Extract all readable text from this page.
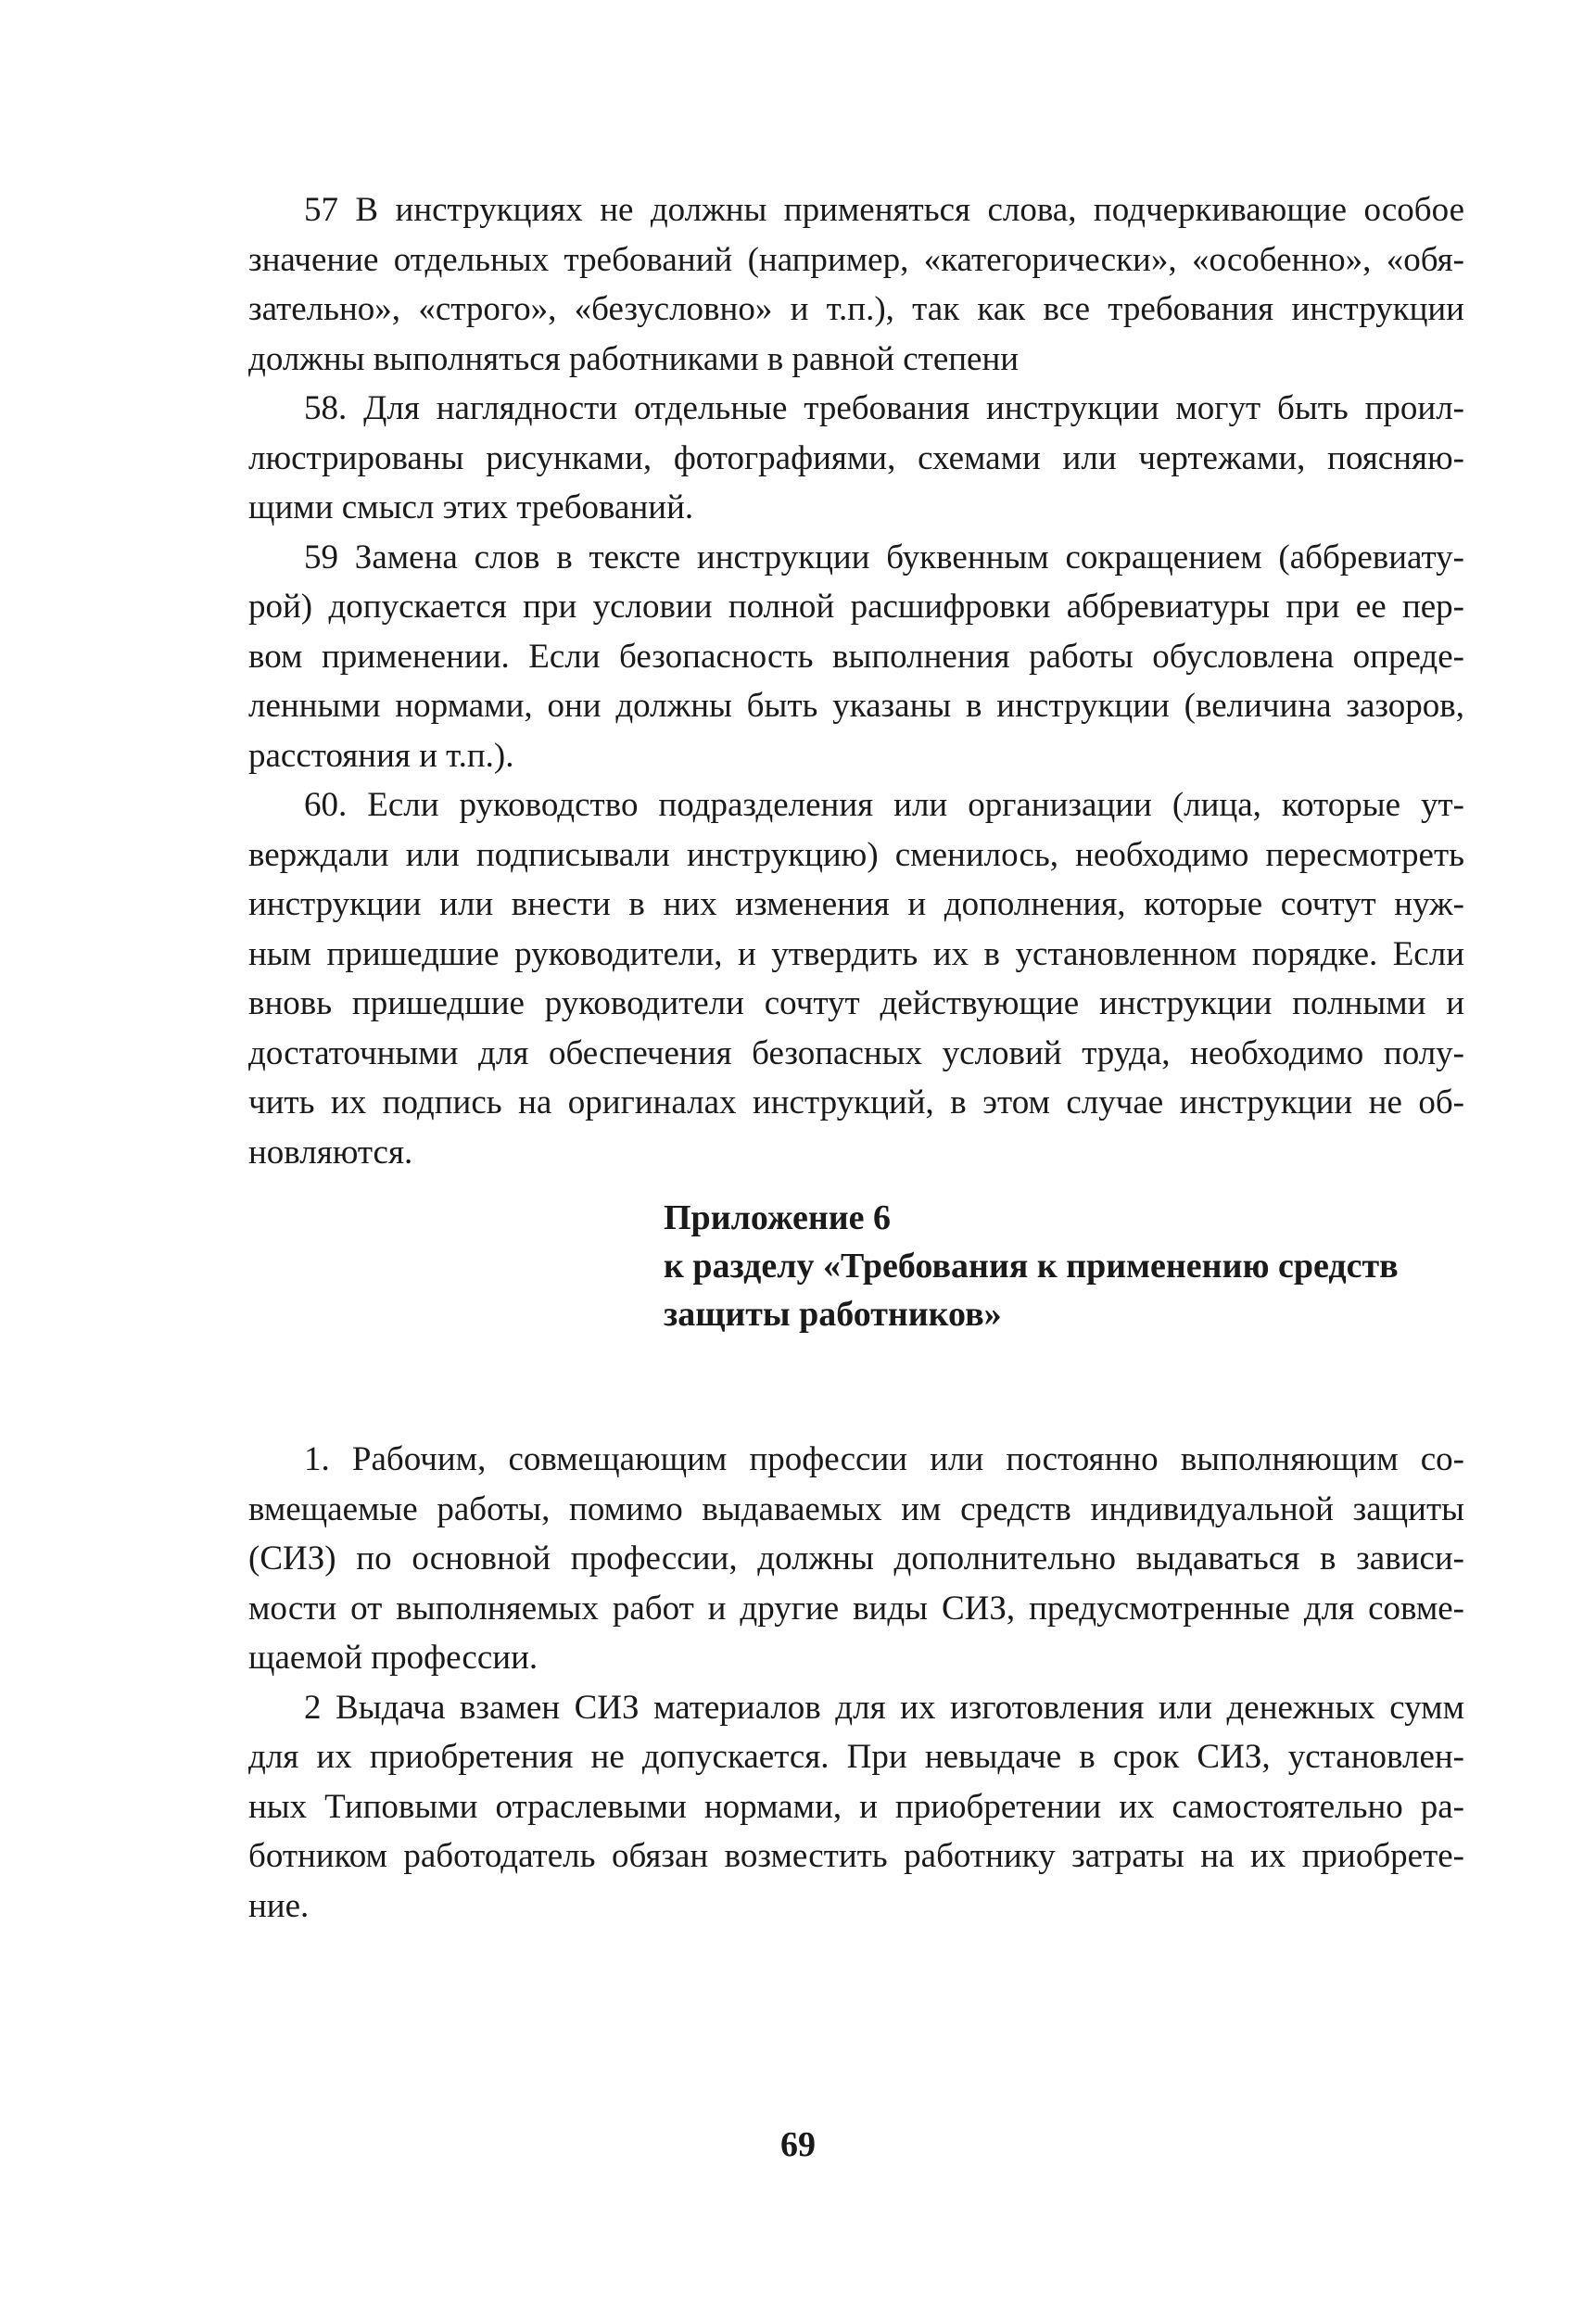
57 В инструкциях не должны применяться слова, подчеркивающие особое
значение отдельных требований (например, «категорически», «особенно», «обя-
зательно», «строго», «безусловно» и т.п.), так как все требования инструкции
должны выполняться работниками в равной степени

58. Для наглядности отдельные требования инструкции могут быть проил-
люстрированы рисунками, фотографиями, схемами или чертежами, поясняю-
щими смысл этих требований.

59 Замена слов в тексте инструкции буквенным сокращением (аббревиату-
рой) допускается при условии полной расшифровки аббревиатуры при ее пер-
вом применении. Если безопасность выполнения работы обусловлена опреде-
ленными нормами, они должны быть указаны в инструкции (величина зазоров,
расстояния и т.п.).

60. Если руководство подразделения или организации (лица, которые ут-
верждали или подписывали инструкцию) сменилось, необходимо пересмотреть
инструкции или внести в них изменения и дополнения, которые сочтут нуж-
ным пришедшие руководители, и утвердить их в установленном порядке. Если
вновь пришедшие руководители сочтут действующие инструкции полными и
достаточными для обеспечения безопасных условий труда, необходимо полу-
чить их подпись на оригиналах инструкций, в этом случае инструкции не об-
новляются.

Приложение 6
к разделу «Требования к применению средств
защиты работников»

1. Рабочим, совмещающим профессии или постоянно выполняющим со-
вмещаемые работы, помимо выдаваемых им средств индивидуальной защиты
(СИЗ) по основной профессии, должны дополнительно выдаваться в зависи-
мости от выполняемых работ и другие виды СИЗ, предусмотренные для совме-
щаемой профессии.

2 Выдача взамен СИЗ материалов для их изготовления или денежных сумм
для их приобретения не допускается. При невыдаче в срок СИЗ, установлен-
ных Типовыми отраслевыми нормами, и приобретении их самостоятельно ра-
ботником работодатель обязан возместить работнику затраты на их приобрете-
ние.

69
